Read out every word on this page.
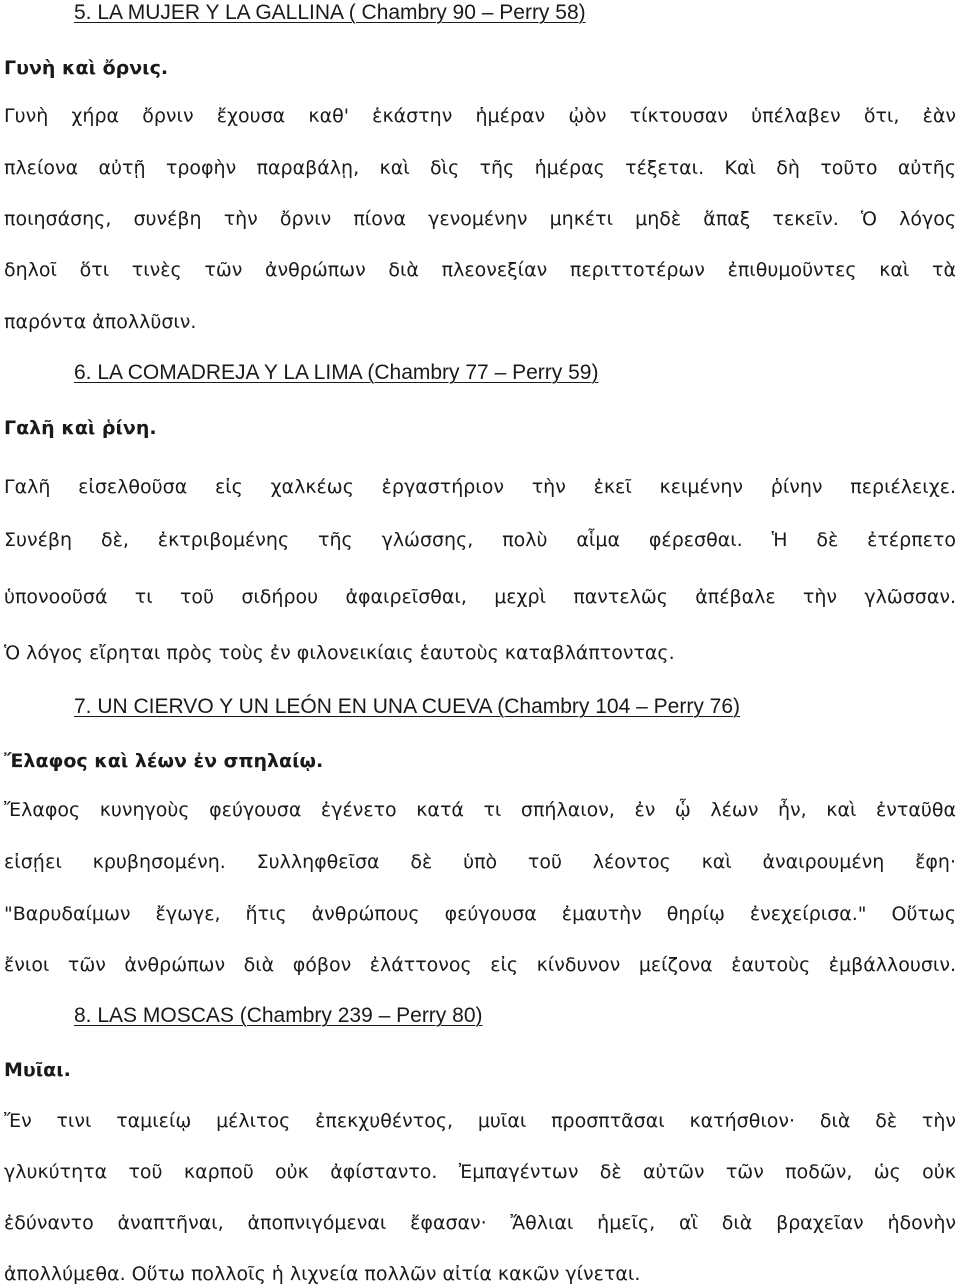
5. LA MUJER Y LA GALLINA ( Chambry 90 – Perry 58)
Γυνὴ καὶ ὄρνις.
Γυνὴ χήρα ὄρνιν ἔχουσα καθ' ἑκάστην ἡμέραν ᾠὸν τίκτουσαν ὑπέλαβεν ὅτι, ἐὰν
πλείονα αὐτῇ τροφὴν παραβάλῃ, καὶ δὶς τῆς ἡμέρας τέξεται. Καὶ δὴ τοῦτο αὐτῆς
ποιησάσης, συνέβη τὴν ὄρνιν πίονα γενομένην μηκέτι μηδὲ ἅπαξ τεκεῖν. Ὁ λόγος
δηλοῖ ὅτι τινὲς τῶν ἀνθρώπων διὰ πλεονεξίαν περιττοτέρων ἐπιθυμοῦντες καὶ τὰ
παρόντα ἀπολλῦσιν.
6. LA COMADREJA Y LA LIMA (Chambry 77 – Perry 59)
Γαλῆ καὶ ῥίνη.
Γαλῆ εἰσελθοῦσα εἰς χαλκέως ἐργαστήριον τὴν ἐκεῖ κειμένην ῥίνην περιέλειχε.
Συνέβη δὲ, ἐκτριβομένης τῆς γλώσσης, πολὺ αἷμα φέρεσθαι. Ἡ δὲ ἐτέρπετο
ὑπονοοῦσά τι τοῦ σιδήρου ἀφαιρεῖσθαι, μεχρὶ παντελῶς ἀπέβαλε τὴν γλῶσσαν.
Ὁ λόγος εἴρηται πρὸς τοὺς ἐν φιλονεικίαις ἑαυτοὺς καταβλάπτοντας.
7. UN CIERVO Y UN LEÓN EN UNA CUEVA (Chambry 104 – Perry 76)
Ἔλαφος καὶ λέων ἐν σπηλαίῳ.
Ἔλαφος κυνηγοὺς φεύγουσα ἐγένετο κατά τι σπήλαιον, ἐν ᾧ λέων ἦν, καὶ ἐνταῦθα
εἰσῄει κρυβησομένη. Συλληφθεῖσα δὲ ὑπὸ τοῦ λέοντος καὶ ἀναιρουμένη ἔφη·
"Βαρυδαίμων ἔγωγε, ἥτις ἀνθρώπους φεύγουσα ἐμαυτὴν θηρίῳ ἐνεχείρισα." Οὕτως
ἔνιοι τῶν ἀνθρώπων διὰ φόβον ἐλάττονος εἰς κίνδυνον μείζονα ἑαυτοὺς ἐμβάλλουσιν.
8. LAS MOSCAS (Chambry 239 – Perry 80)
Μυῖαι.
Ἔν τινι ταμιείῳ μέλιτος ἐπεκχυθέντος, μυῖαι προσπτᾶσαι κατήσθιον· διὰ δὲ τὴν
γλυκύτητα τοῦ καρποῦ οὐκ ἀφίσταντο. Ἐμπαγέντων δὲ αὐτῶν τῶν ποδῶν, ὡς οὐκ
ἐδύναντο ἀναπτῆναι, ἀποπνιγόμεναι ἔφασαν· Ἄθλιαι ἡμεῖς, αἳ διὰ βραχεῖαν ἡδονὴν
ἀπολλύμεθα. Οὕτω πολλοῖς ἡ λιχνεία πολλῶν αἰτία κακῶν γίνεται.
